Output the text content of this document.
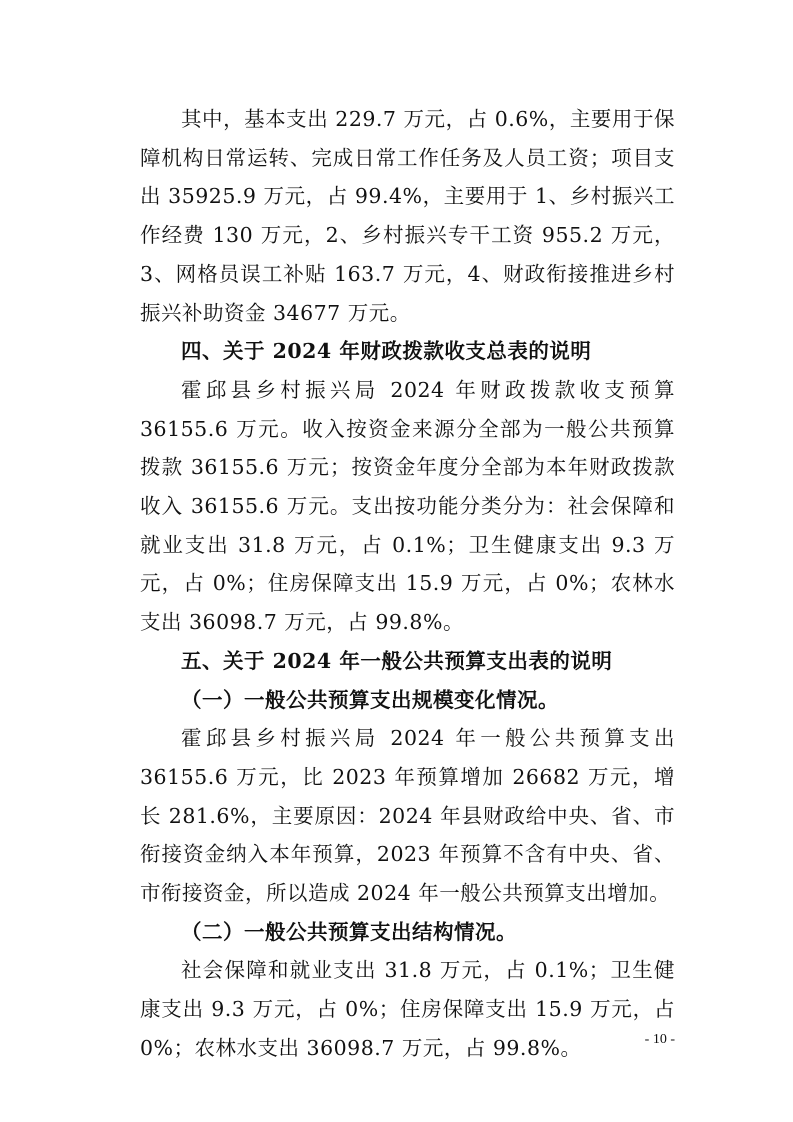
其中，基本支出 229.7 万元，占 0.6%，主要用于保障机构日常运转、完成日常工作任务及人员工资；项目支出 35925.9 万元，占 99.4%，主要用于 1、乡村振兴工作经费 130 万元，2、乡村振兴专干工资 955.2 万元，3、网格员误工补贴 163.7 万元，4、财政衔接推进乡村振兴补助资金 34677 万元。

四、关于 2024 年财政拨款收支总表的说明

霍邱县乡村振兴局 2024 年财政拨款收支预算 36155.6 万元。收入按资金来源分全部为一般公共预算拨款 36155.6 万元；按资金年度分全部为本年财政拨款收入 36155.6 万元。支出按功能分类分为：社会保障和就业支出 31.8 万元，占 0.1%；卫生健康支出 9.3 万元，占 0%；住房保障支出 15.9 万元，占 0%；农林水支出 36098.7 万元，占 99.8%。

五、关于 2024 年一般公共预算支出表的说明

（一）一般公共预算支出规模变化情况。

霍邱县乡村振兴局 2024 年一般公共预算支出 36155.6 万元，比 2023 年预算增加 26682 万元，增长 281.6%，主要原因：2024 年县财政给中央、省、市衔接资金纳入本年预算，2023 年预算不含有中央、省、市衔接资金，所以造成 2024 年一般公共预算支出增加。

（二）一般公共预算支出结构情况。

社会保障和就业支出 31.8 万元，占 0.1%；卫生健康支出 9.3 万元，占 0%；住房保障支出 15.9 万元，占 0%；农林水支出 36098.7 万元，占 99.8%。	- 10 -
